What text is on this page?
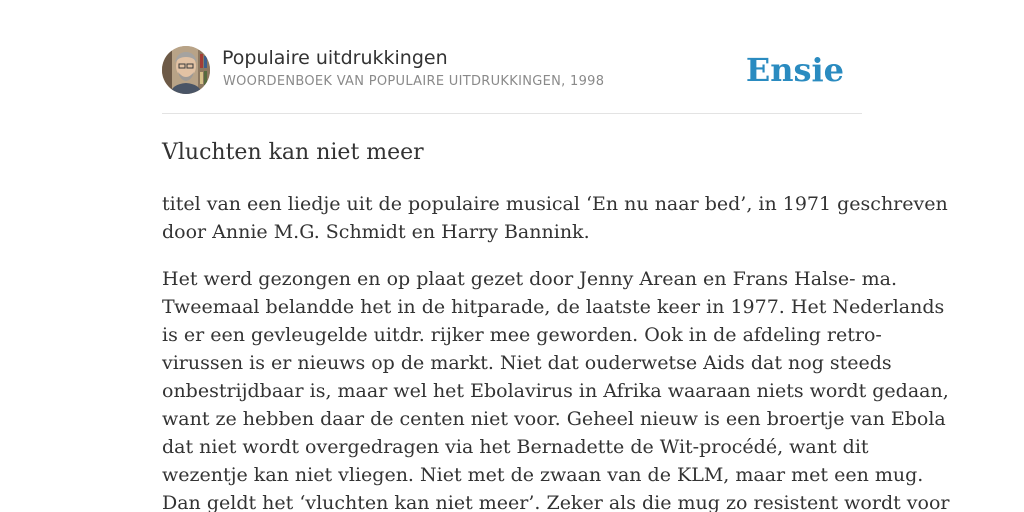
Populaire uitdrukkingen
WOORDENBOEK VAN POPULAIRE UITDRUKKINGEN, 1998	Ensie
Vluchten kan niet meer

titel van een liedje uit de populaire musical ‘En nu naar bed’, in 1971 geschreven
door Annie M.G. Schmidt en Harry Bannink.

Het werd gezongen en op plaat gezet door Jenny Arean en Frans Halse- ma.
Tweemaal belandde het in de hitparade, de laatste keer in 1977. Het Nederlands
is er een gevleugelde uitdr. rijker mee geworden. Ook in de afdeling retro-
virussen is er nieuws op de markt. Niet dat ouderwetse Aids dat nog steeds
onbestrijdbaar is, maar wel het Ebolavirus in Afrika waaraan niets wordt gedaan,
want ze hebben daar de centen niet voor. Geheel nieuw is een broertje van Ebola
dat niet wordt overgedragen via het Bernadette de Wit-procédé, want dit
wezentje kan niet vliegen. Niet met de zwaan van de KLM, maar met een mug.
Dan geldt het ‘vluchten kan niet meer’. Zeker als die mug zo resistent wordt voor
